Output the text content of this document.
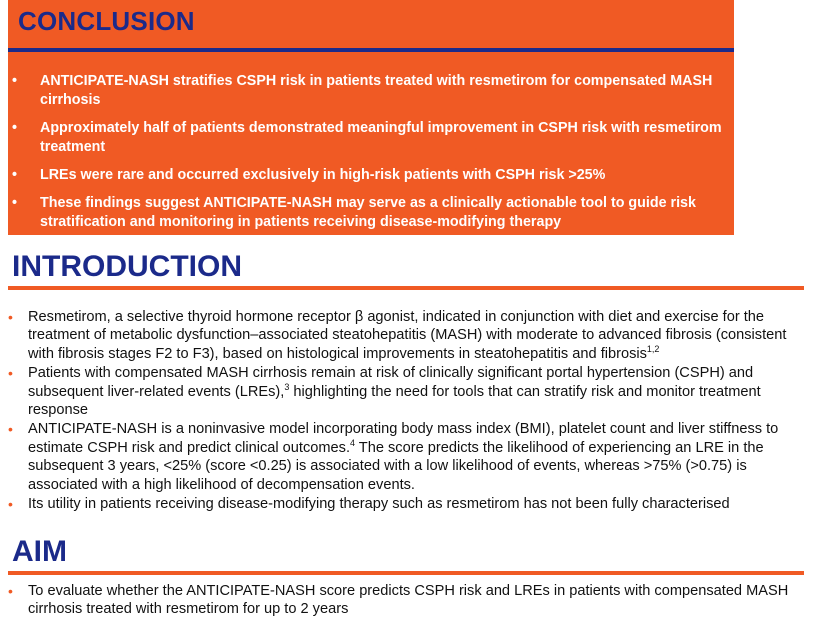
CONCLUSION
• ANTICIPATE-NASH stratifies CSPH risk in patients treated with resmetirom for compensated MASH cirrhosis
• Approximately half of patients demonstrated meaningful improvement in CSPH risk with resmetirom treatment
• LREs were rare and occurred exclusively in high-risk patients with CSPH risk >25%
• These findings suggest ANTICIPATE-NASH may serve as a clinically actionable tool to guide risk stratification and monitoring in patients receiving disease-modifying therapy
INTRODUCTION
• Resmetirom, a selective thyroid hormone receptor β agonist, indicated in conjunction with diet and exercise for the treatment of metabolic dysfunction–associated steatohepatitis (MASH) with moderate to advanced fibrosis (consistent with fibrosis stages F2 to F3), based on histological improvements in steatohepatitis and fibrosis$^{1,2}$
• Patients with compensated MASH cirrhosis remain at risk of clinically significant portal hypertension (CSPH) and subsequent liver-related events (LREs),$^3$ highlighting the need for tools that can stratify risk and monitor treatment response
• ANTICIPATE-NASH is a noninvasive model incorporating body mass index (BMI), platelet count and liver stiffness to estimate CSPH risk and predict clinical outcomes.$^4$ The score predicts the likelihood of experiencing an LRE in the subsequent 3 years, <25% (score <0.25) is associated with a low likelihood of events, whereas >75% (>0.75) is associated with a high likelihood of decompensation events.
• Its utility in patients receiving disease-modifying therapy such as resmetirom has not been fully characterised
AIM
• To evaluate whether the ANTICIPATE-NASH score predicts CSPH risk and LREs in patients with compensated MASH cirrhosis treated with resmetirom for up to 2 years
